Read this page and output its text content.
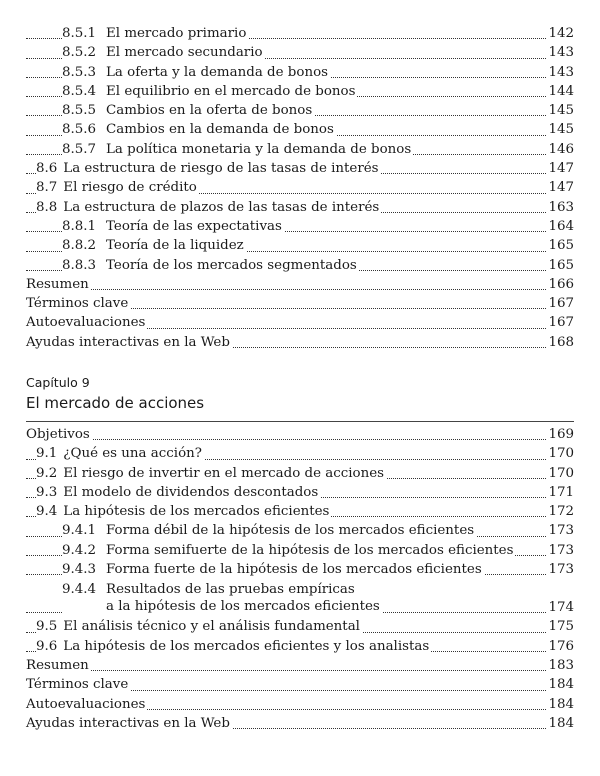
8.5.1 El mercado primario	142
8.5.2 El mercado secundario	143
8.5.3 La oferta y la demanda de bonos	143
8.5.4 El equilibrio en el mercado de bonos	144
8.5.5 Cambios en la oferta de bonos	145
8.5.6 Cambios en la demanda de bonos	145
8.5.7 La política monetaria y la demanda de bonos	146
8.6 La estructura de riesgo de las tasas de interés	147
8.7 El riesgo de crédito	147
8.8 La estructura de plazos de las tasas de interés	163
8.8.1 Teoría de las expectativas	164
8.8.2 Teoría de la liquidez	165
8.8.3 Teoría de los mercados segmentados	165
Resumen	166
Términos clave	167
Autoevaluaciones	167
Ayudas interactivas en la Web	168
Capítulo 9
El mercado de acciones
Objetivos	169
9.1 ¿Qué es una acción?	170
9.2 El riesgo de invertir en el mercado de acciones	170
9.3 El modelo de dividendos descontados	171
9.4 La hipótesis de los mercados eficientes	172
9.4.1 Forma débil de la hipótesis de los mercados eficientes	173
9.4.2 Forma semifuerte de la hipótesis de los mercados eficientes	173
9.4.3 Forma fuerte de la hipótesis de los mercados eficientes	173
9.4.4 Resultados de las pruebas empíricas
a la hipótesis de los mercados eficientes	174
9.5 El análisis técnico y el análisis fundamental	175
9.6 La hipótesis de los mercados eficientes y los analistas	176
Resumen	183
Términos clave	184
Autoevaluaciones	184
Ayudas interactivas en la Web	184
